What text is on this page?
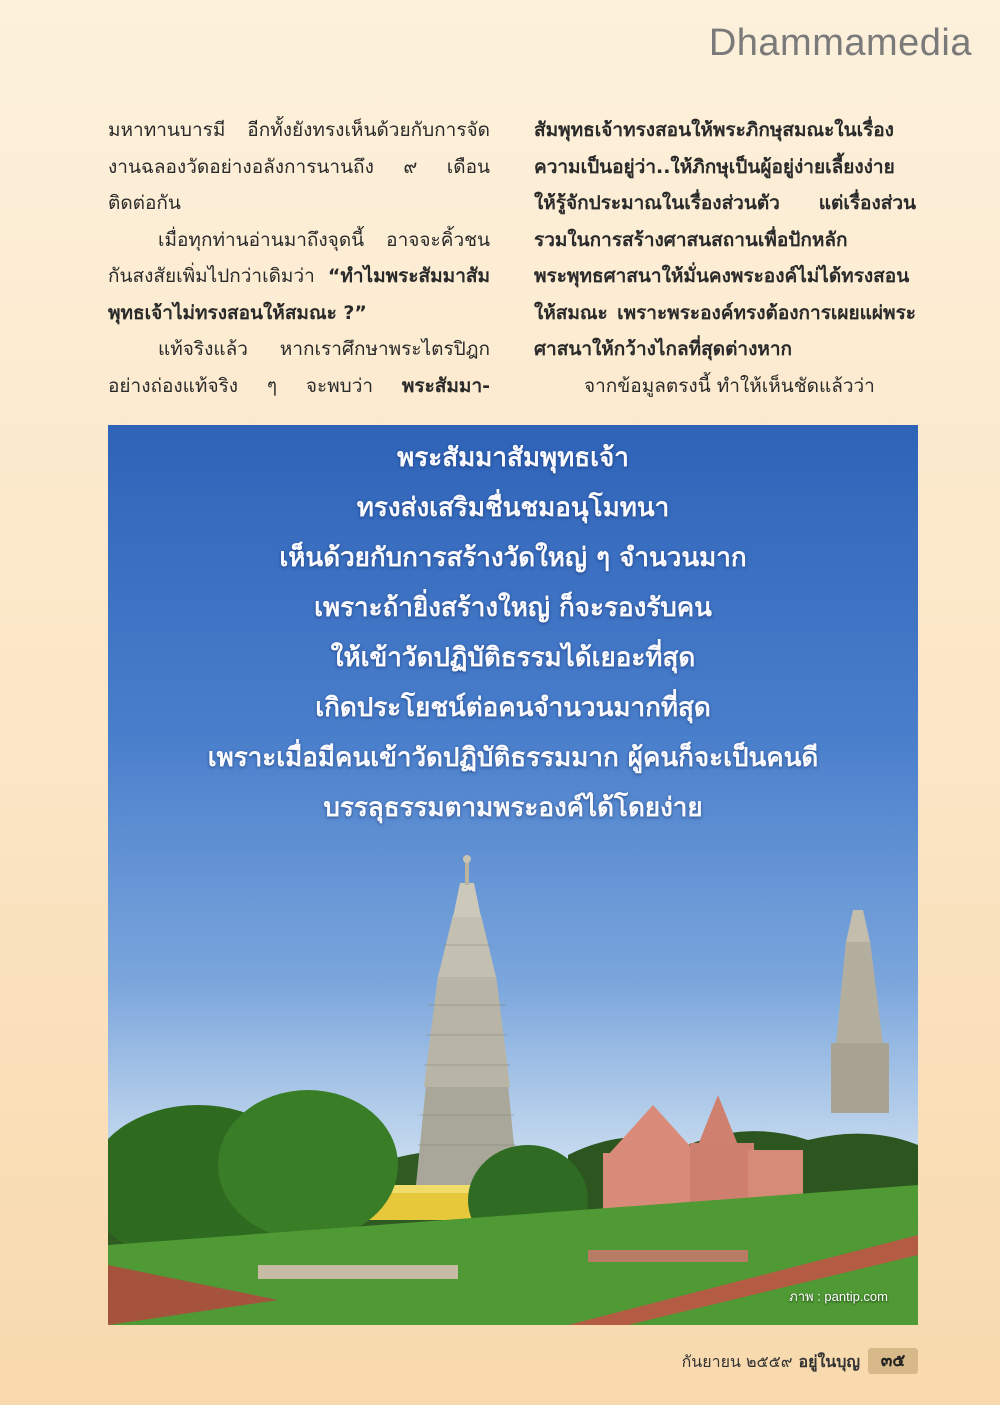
Dhammamedia

มหาทานบารมี อีกทั้งยังทรงเห็นด้วยกับการจัดงานฉลองวัดอย่างอลังการนานถึง ๙ เดือนติดต่อกัน

เมื่อทุกท่านอ่านมาถึงจุดนี้ อาจจะคิ้วชนกันสงสัยเพิ่มไปกว่าเดิมว่า “ทำไมพระสัมมาสัมพุทธเจ้าไม่ทรงสอนให้สมณะ ?”

แท้จริงแล้ว หากเราศึกษาพระไตรปิฎกอย่างถ่องแท้จริง ๆ จะพบว่า พระสัมมา-

สัมพุทธเจ้าทรงสอนให้พระภิกษุสมณะในเรื่องความเป็นอยู่ว่า..ให้ภิกษุเป็นผู้อยู่ง่ายเลี้ยงง่าย ให้รู้จักประมาณในเรื่องส่วนตัว แต่เรื่องส่วนรวมในการสร้างศาสนสถานเพื่อปักหลักพระพุทธศาสนาให้มั่นคงพระองค์ไม่ได้ทรงสอนให้สมณะ เพราะพระองค์ทรงต้องการเผยแผ่พระศาสนาให้กว้างไกลที่สุดต่างหาก

จากข้อมูลตรงนี้ ทำให้เห็นชัดแล้วว่า

พระสัมมาสัมพุทธเจ้า
ทรงส่งเสริมชื่นชมอนุโมทนา
เห็นด้วยกับการสร้างวัดใหญ่ ๆ จำนวนมาก
เพราะถ้ายิ่งสร้างใหญ่ ก็จะรองรับคน
ให้เข้าวัดปฏิบัติธรรมได้เยอะที่สุด
เกิดประโยชน์ต่อคนจำนวนมากที่สุด
เพราะเมื่อมีคนเข้าวัดปฏิบัติธรรมมาก ผู้คนก็จะเป็นคนดี
บรรลุธรรมตามพระองค์ได้โดยง่าย
ภาพ : pantip.com
กันยายน ๒๕๕๙ อยู่ในบุญ	๓๕
